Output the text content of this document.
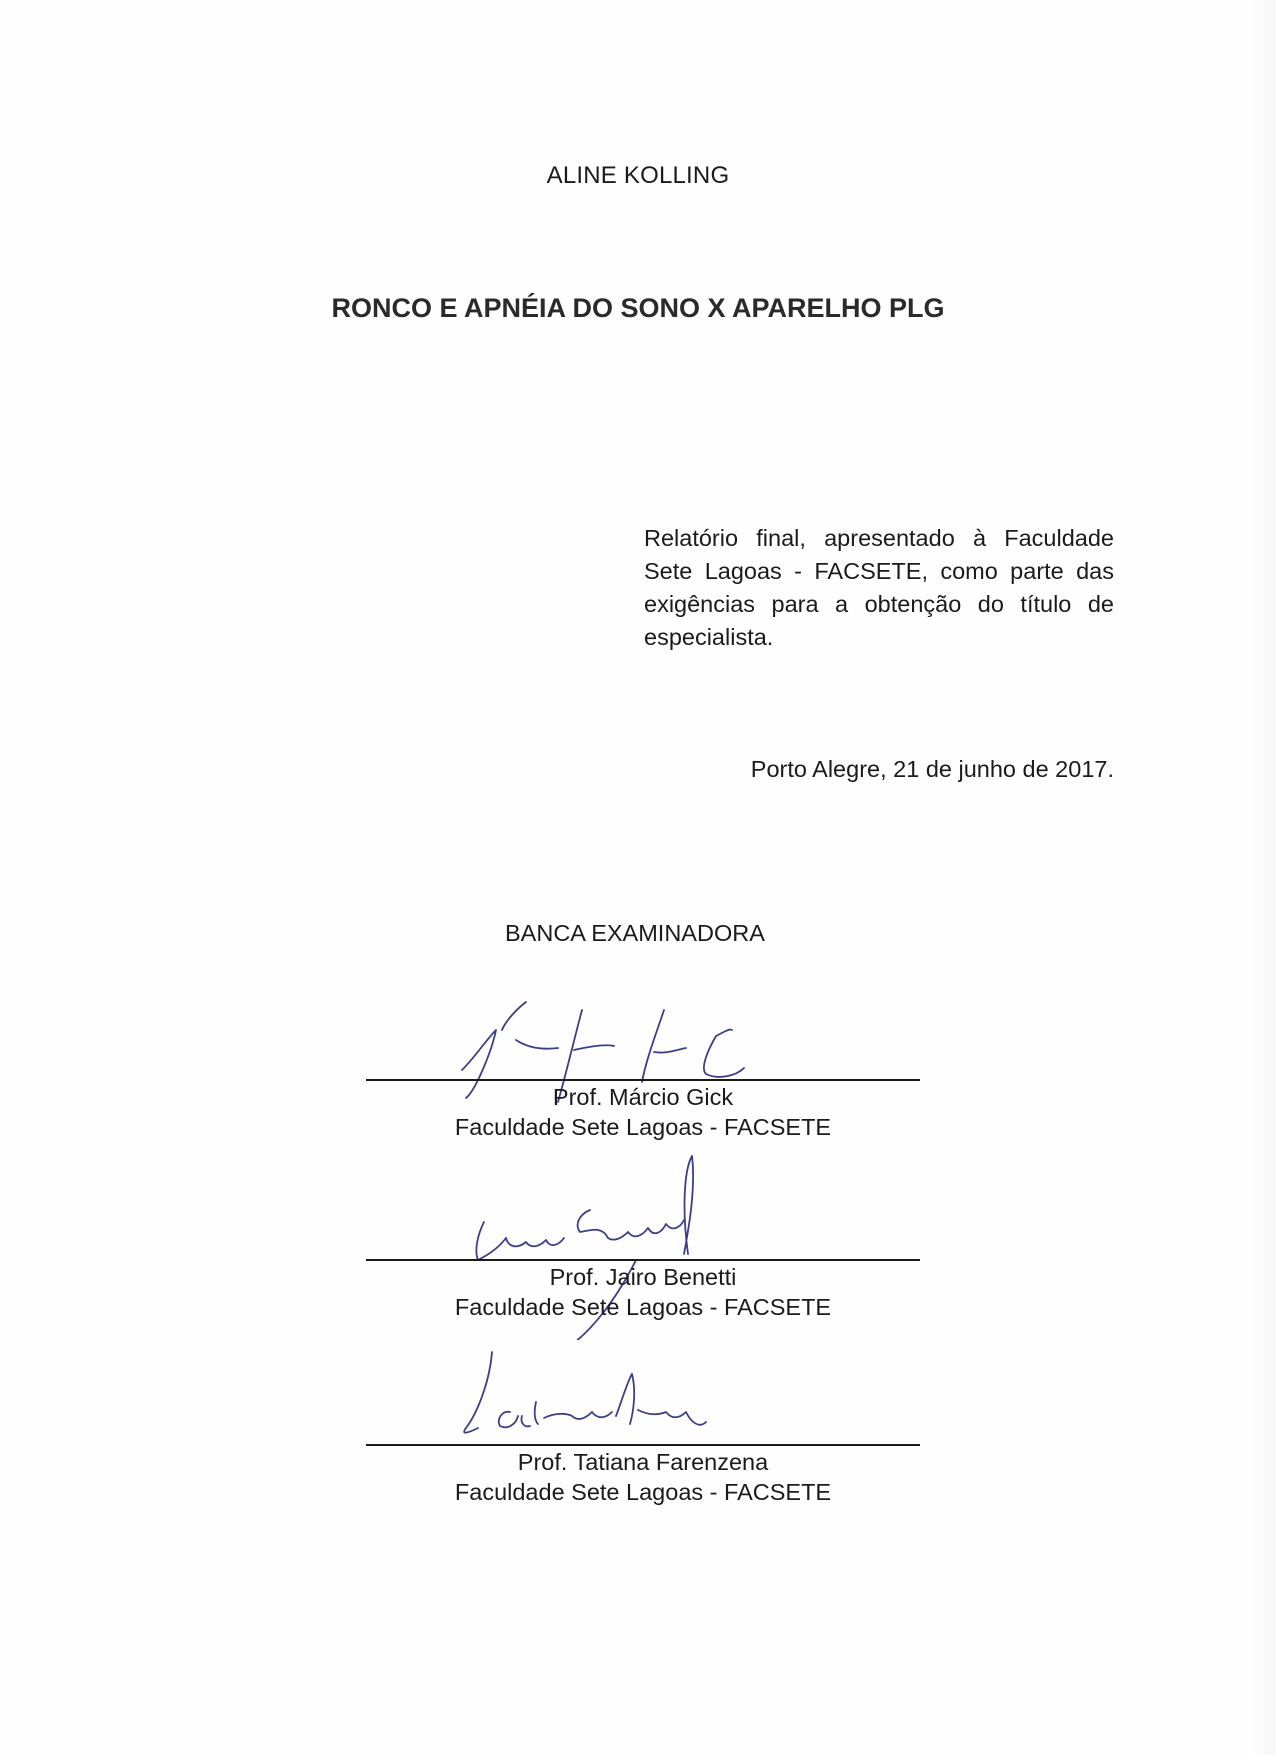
ALINE KOLLING
RONCO E APNÉIA DO SONO X APARELHO PLG
Relatório final, apresentado à Faculdade Sete Lagoas - FACSETE, como parte das exigências para a obtenção do título de especialista.
Porto Alegre, 21 de junho de 2017.
BANCA EXAMINADORA
Prof. Márcio Gick
Faculdade Sete Lagoas - FACSETE
Prof. Jairo Benetti
Faculdade Sete Lagoas - FACSETE
Prof. Tatiana Farenzena
Faculdade Sete Lagoas - FACSETE
